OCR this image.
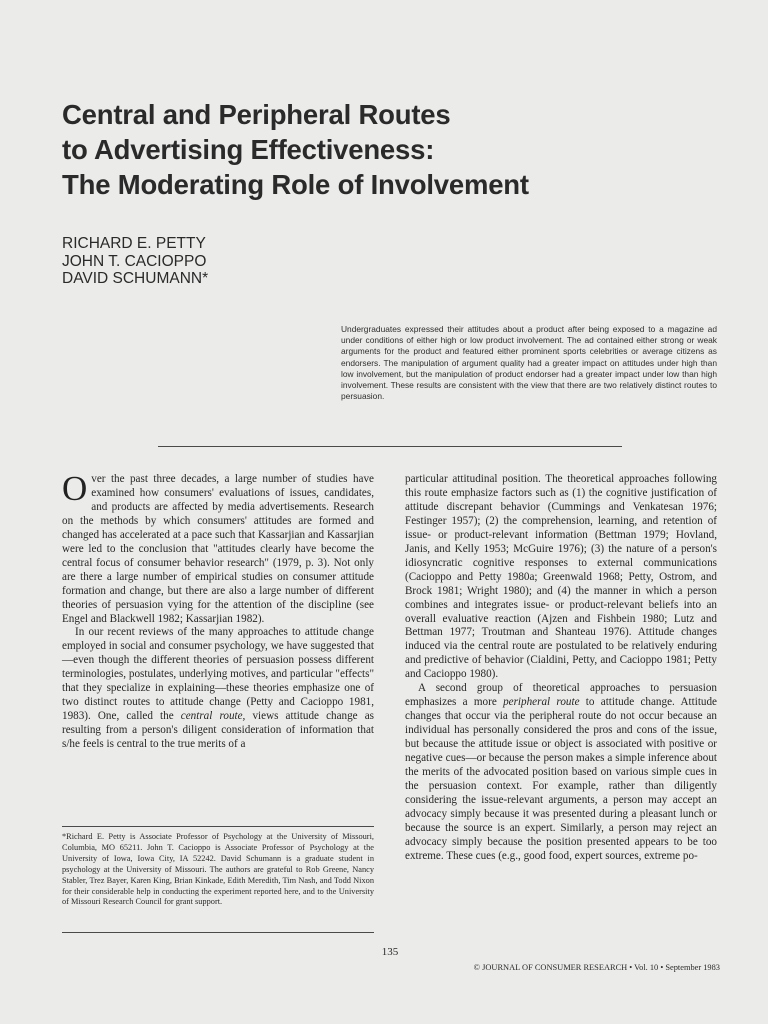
Central and Peripheral Routes
to Advertising Effectiveness:
The Moderating Role of Involvement
RICHARD E. PETTY
JOHN T. CACIOPPO
DAVID SCHUMANN*
Undergraduates expressed their attitudes about a product after being exposed to a magazine ad under conditions of either high or low product involvement. The ad contained either strong or weak arguments for the product and featured either prominent sports celebrities or average citizens as endorsers. The manipulation of argument quality had a greater impact on attitudes under high than low involvement, but the manipulation of product endorser had a greater impact under low than high involvement. These results are consistent with the view that there are two relatively distinct routes to persuasion.

Over the past three decades, a large number of studies have examined how consumers' evaluations of issues, candidates, and products are affected by media advertisements. Research on the methods by which consumers' attitudes are formed and changed has accelerated at a pace such that Kassarjian and Kassarjian were led to the conclusion that "attitudes clearly have become the central focus of consumer behavior research" (1979, p. 3). Not only are there a large number of empirical studies on consumer attitude formation and change, but there are also a large number of different theories of persuasion vying for the attention of the discipline (see Engel and Blackwell 1982; Kassarjian 1982).

In our recent reviews of the many approaches to attitude change employed in social and consumer psychology, we have suggested that—even though the different theories of persuasion possess different terminologies, postulates, underlying motives, and particular "effects" that they specialize in explaining—these theories emphasize one of two distinct routes to attitude change (Petty and Cacioppo 1981, 1983). One, called the central route, views attitude change as resulting from a person's diligent consideration of information that s/he feels is central to the true merits of a

*Richard E. Petty is Associate Professor of Psychology at the University of Missouri, Columbia, MO 65211. John T. Cacioppo is Associate Professor of Psychology at the University of Iowa, Iowa City, IA 52242. David Schumann is a graduate student in psychology at the University of Missouri. The authors are grateful to Rob Greene, Nancy Stabler, Trez Bayer, Karen King, Brian Kinkade, Edith Meredith, Tim Nash, and Todd Nixon for their considerable help in conducting the experiment reported here, and to the University of Missouri Research Council for grant support.

particular attitudinal position. The theoretical approaches following this route emphasize factors such as (1) the cognitive justification of attitude discrepant behavior (Cummings and Venkatesan 1976; Festinger 1957); (2) the comprehension, learning, and retention of issue- or product-relevant information (Bettman 1979; Hovland, Janis, and Kelly 1953; McGuire 1976); (3) the nature of a person's idiosyncratic cognitive responses to external communications (Cacioppo and Petty 1980a; Greenwald 1968; Petty, Ostrom, and Brock 1981; Wright 1980); and (4) the manner in which a person combines and integrates issue- or product-relevant beliefs into an overall evaluative reaction (Ajzen and Fishbein 1980; Lutz and Bettman 1977; Troutman and Shanteau 1976). Attitude changes induced via the central route are postulated to be relatively enduring and predictive of behavior (Cialdini, Petty, and Cacioppo 1981; Petty and Cacioppo 1980).

A second group of theoretical approaches to persuasion emphasizes a more peripheral route to attitude change. Attitude changes that occur via the peripheral route do not occur because an individual has personally considered the pros and cons of the issue, but because the attitude issue or object is associated with positive or negative cues—or because the person makes a simple inference about the merits of the advocated position based on various simple cues in the persuasion context. For example, rather than diligently considering the issue-relevant arguments, a person may accept an advocacy simply because it was presented during a pleasant lunch or because the source is an expert. Similarly, a person may reject an advocacy simply because the position presented appears to be too extreme. These cues (e.g., good food, expert sources, extreme po-

135
© JOURNAL OF CONSUMER RESEARCH • Vol. 10 • September 1983
